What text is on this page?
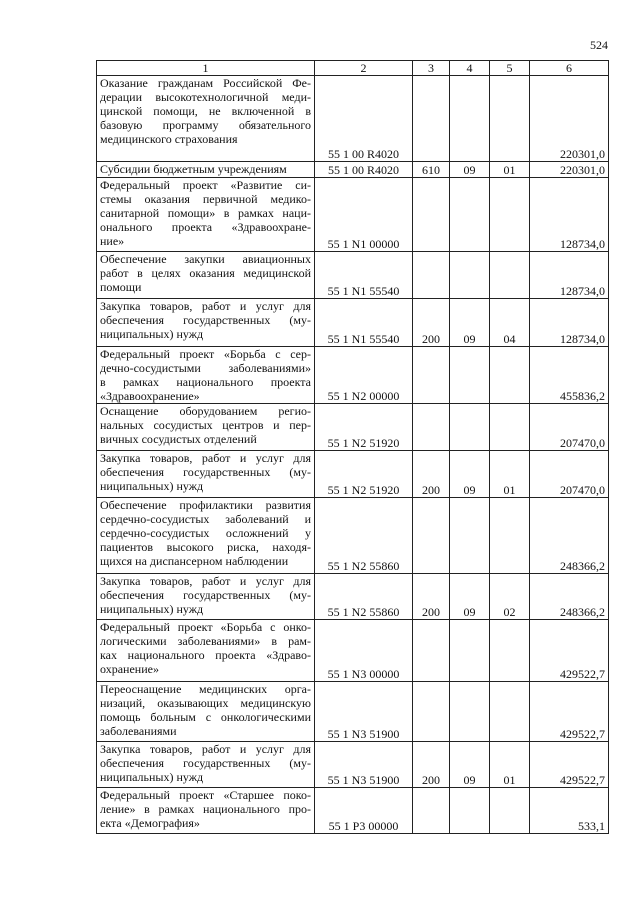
524
1	2	3	4	5	6

Оказание гражданам Российской Фе-
дерации высокотехнологичной меди-
цинской помощи, не включенной в
базовую программу обязательного
медицинского страхования	55 1 00 R4020				220301,0

Субсидии бюджетным учреждениям	55 1 00 R4020	610	09	01	220301,0

Федеральный проект «Развитие си-
стемы оказания первичной медико-
санитарной помощи» в рамках наци-
онального проекта «Здравоохране-
ние»	55 1 N1 00000				128734,0

Обеспечение закупки авиационных
работ в целях оказания медицинской
помощи	55 1 N1 55540				128734,0

Закупка товаров, работ и услуг для
обеспечения государственных (му-
ниципальных) нужд	55 1 N1 55540	200	09	04	128734,0

Федеральный проект «Борьба с сер-
дечно-сосудистыми заболеваниями»
в рамках национального проекта
«Здравоохранение»	55 1 N2 00000				455836,2

Оснащение оборудованием регио-
нальных сосудистых центров и пер-
вичных сосудистых отделений	55 1 N2 51920				207470,0

Закупка товаров, работ и услуг для
обеспечения государственных (му-
ниципальных) нужд	55 1 N2 51920	200	09	01	207470,0

Обеспечение профилактики развития
сердечно-сосудистых заболеваний и
сердечно-сосудистых осложнений у
пациентов высокого риска, находя-
щихся на диспансерном наблюдении	55 1 N2 55860				248366,2

Закупка товаров, работ и услуг для
обеспечения государственных (му-
ниципальных) нужд	55 1 N2 55860	200	09	02	248366,2

Федеральный проект «Борьба с онко-
логическими заболеваниями» в рам-
ках национального проекта «Здраво-
охранение»	55 1 N3 00000				429522,7

Переоснащение медицинских орга-
низаций, оказывающих медицинскую
помощь больным с онкологическими
заболеваниями	55 1 N3 51900				429522,7

Закупка товаров, работ и услуг для
обеспечения государственных (му-
ниципальных) нужд	55 1 N3 51900	200	09	01	429522,7

Федеральный проект «Старшее поко-
ление» в рамках национального про-
екта «Демография»	55 1 P3 00000				533,1
